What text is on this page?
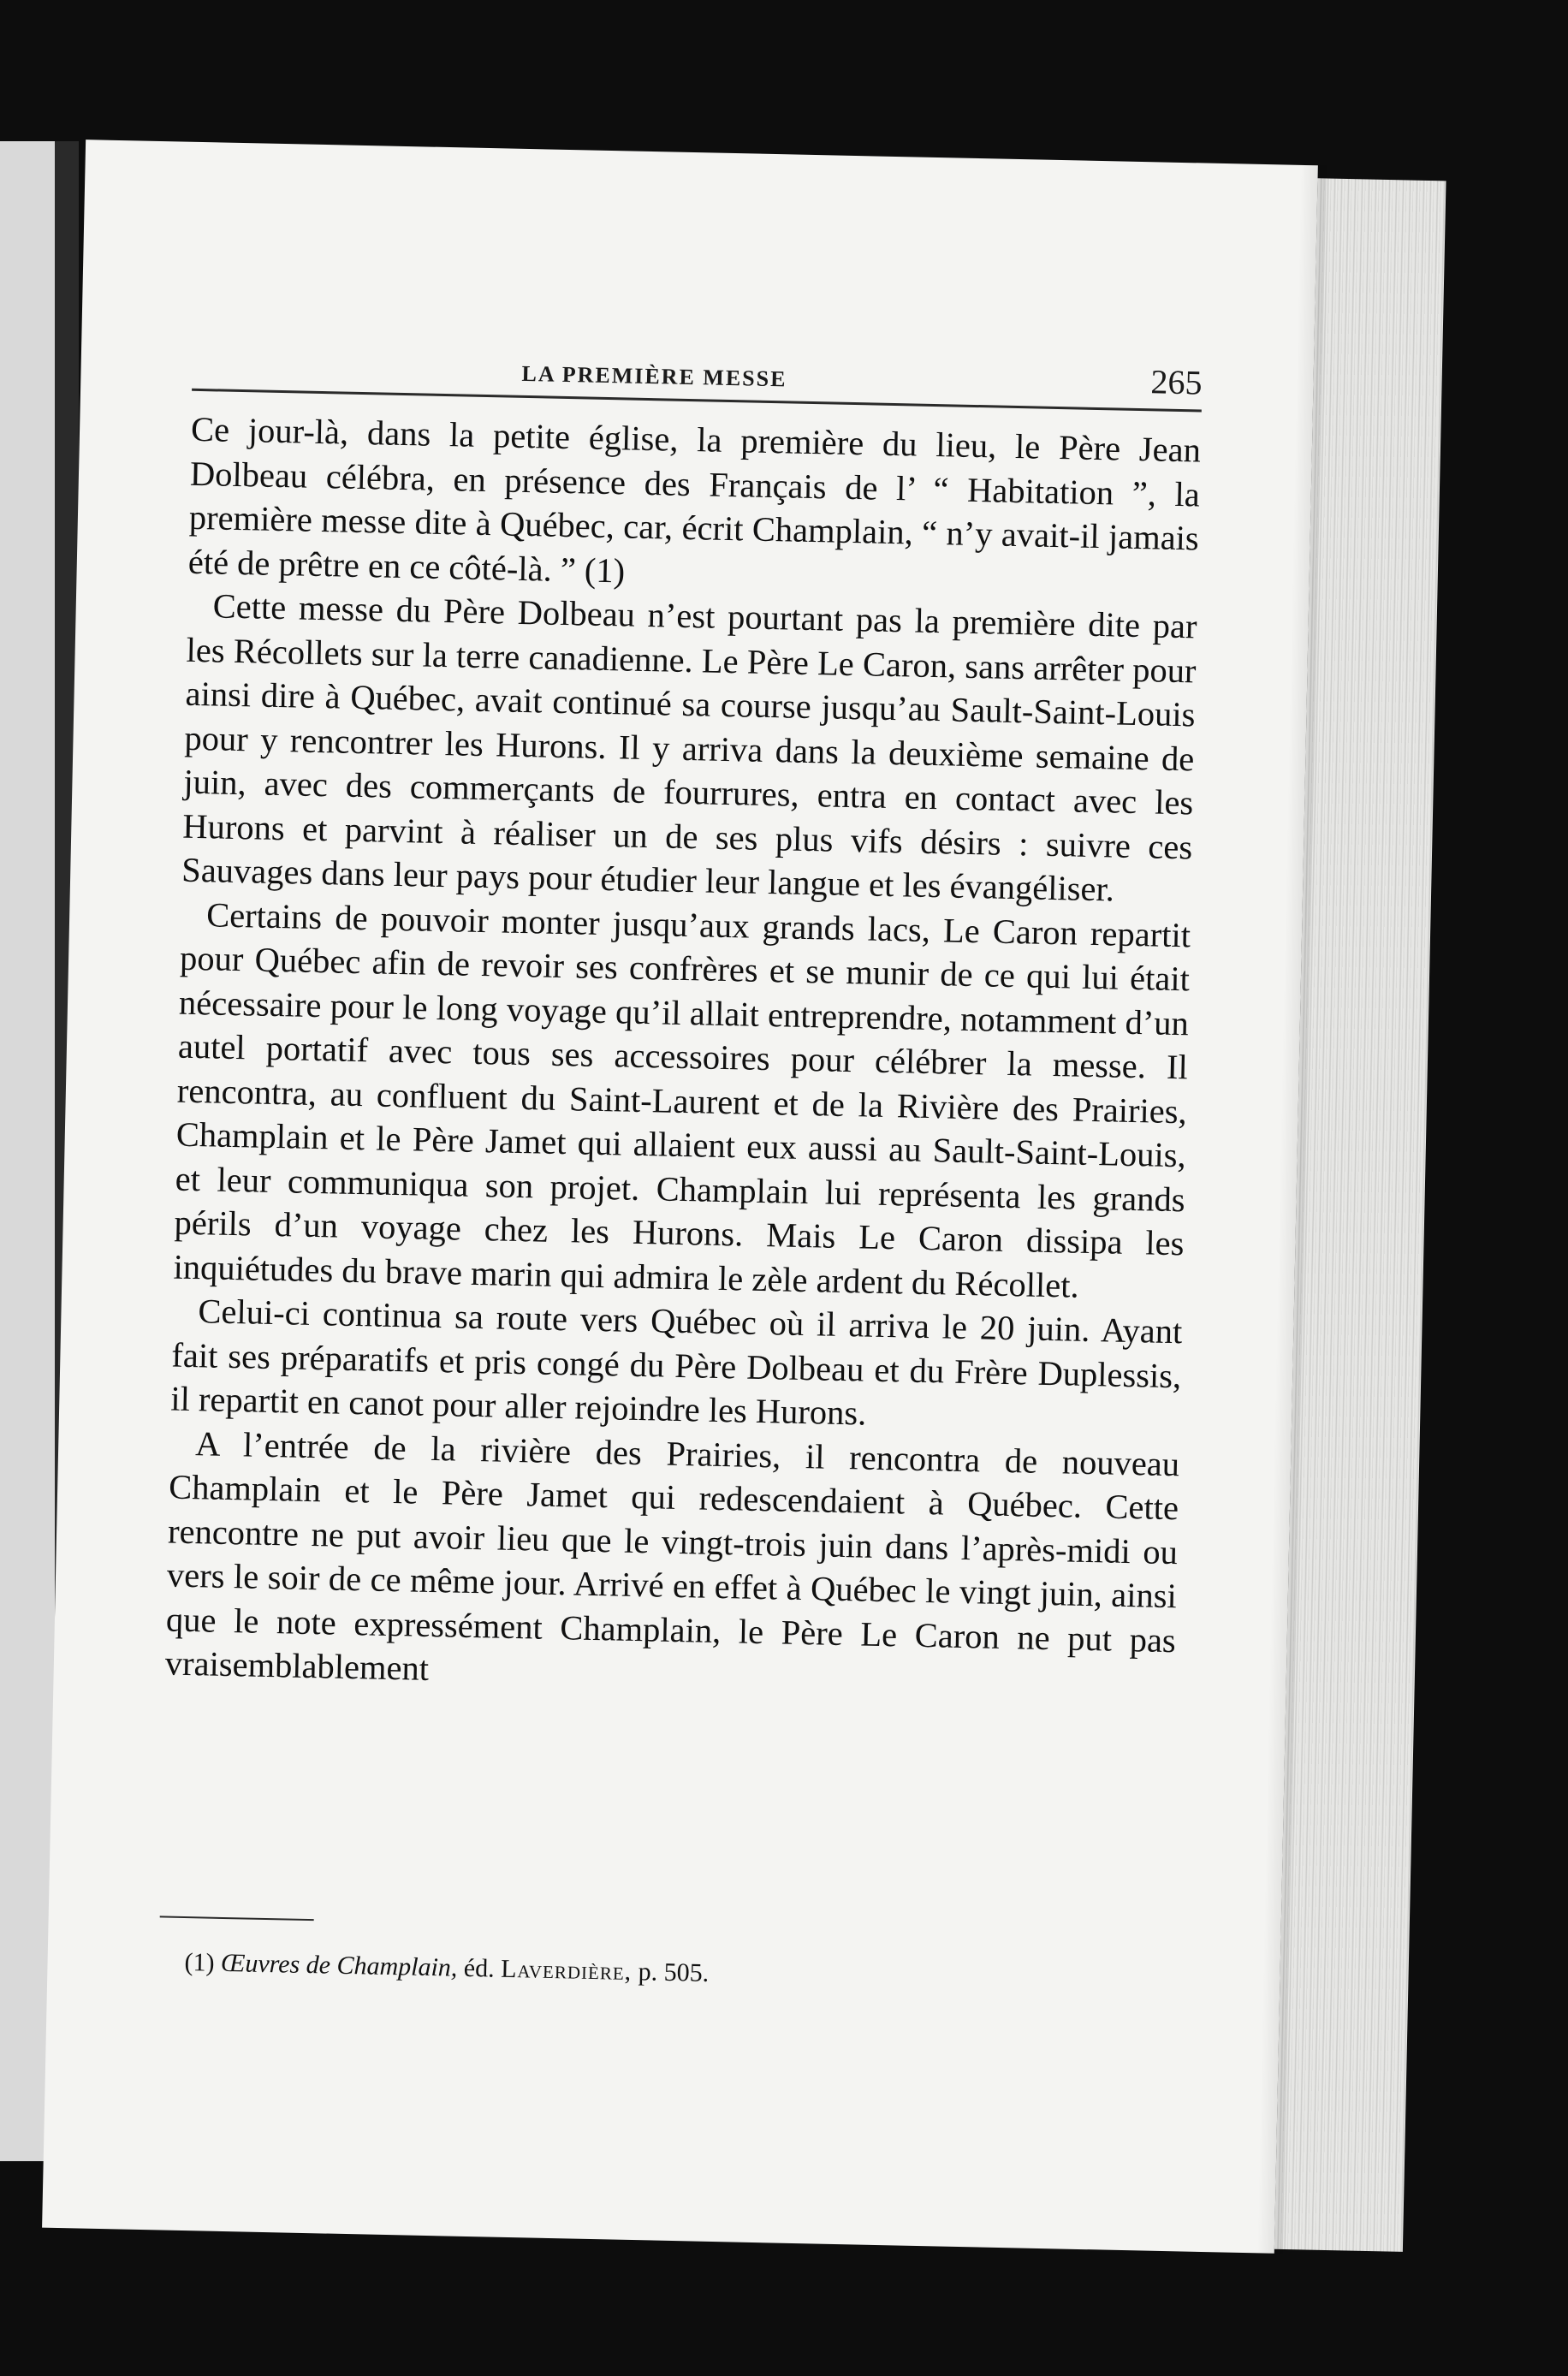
LA PREMIÈRE MESSE	265

Ce jour-là, dans la petite église, la première du lieu, le Père Jean Dolbeau célébra, en présence des Français de l’ “ Habitation ”, la première messe dite à Québec, car, écrit Champlain, “ n’y avait-il jamais été de prêtre en ce côté-là. ” (1)

Cette messe du Père Dolbeau n’est pourtant pas la première dite par les Récollets sur la terre canadienne. Le Père Le Caron, sans arrêter pour ainsi dire à Québec, avait continué sa course jusqu’au Sault-Saint-Louis pour y rencontrer les Hurons. Il y arriva dans la deuxième semaine de juin, avec des commerçants de fourrures, entra en contact avec les Hurons et parvint à réaliser un de ses plus vifs désirs : suivre ces Sauvages dans leur pays pour étudier leur langue et les évangéliser.

Certains de pouvoir monter jusqu’aux grands lacs, Le Caron repartit pour Québec afin de revoir ses confrères et se munir de ce qui lui était nécessaire pour le long voyage qu’il allait entreprendre, notamment d’un autel portatif avec tous ses accessoires pour célébrer la messe. Il rencontra, au confluent du Saint-Laurent et de la Rivière des Prairies, Champlain et le Père Jamet qui allaient eux aussi au Sault-Saint-Louis, et leur communiqua son projet. Champlain lui représenta les grands périls d’un voyage chez les Hurons. Mais Le Caron dissipa les inquiétudes du brave marin qui admira le zèle ardent du Récollet.

Celui-ci continua sa route vers Québec où il arriva le 20 juin. Ayant fait ses préparatifs et pris congé du Père Dolbeau et du Frère Duplessis, il repartit en canot pour aller rejoindre les Hurons.

A l’entrée de la rivière des Prairies, il rencontra de nouveau Champlain et le Père Jamet qui redescendaient à Québec. Cette rencontre ne put avoir lieu que le vingt-trois juin dans l’après-midi ou vers le soir de ce même jour. Arrivé en effet à Québec le vingt juin, ainsi que le note expressément Champlain, le Père Le Caron ne put pas vraisemblablement

(1) Œuvres de Champlain, éd. Laverdière, p. 505.
